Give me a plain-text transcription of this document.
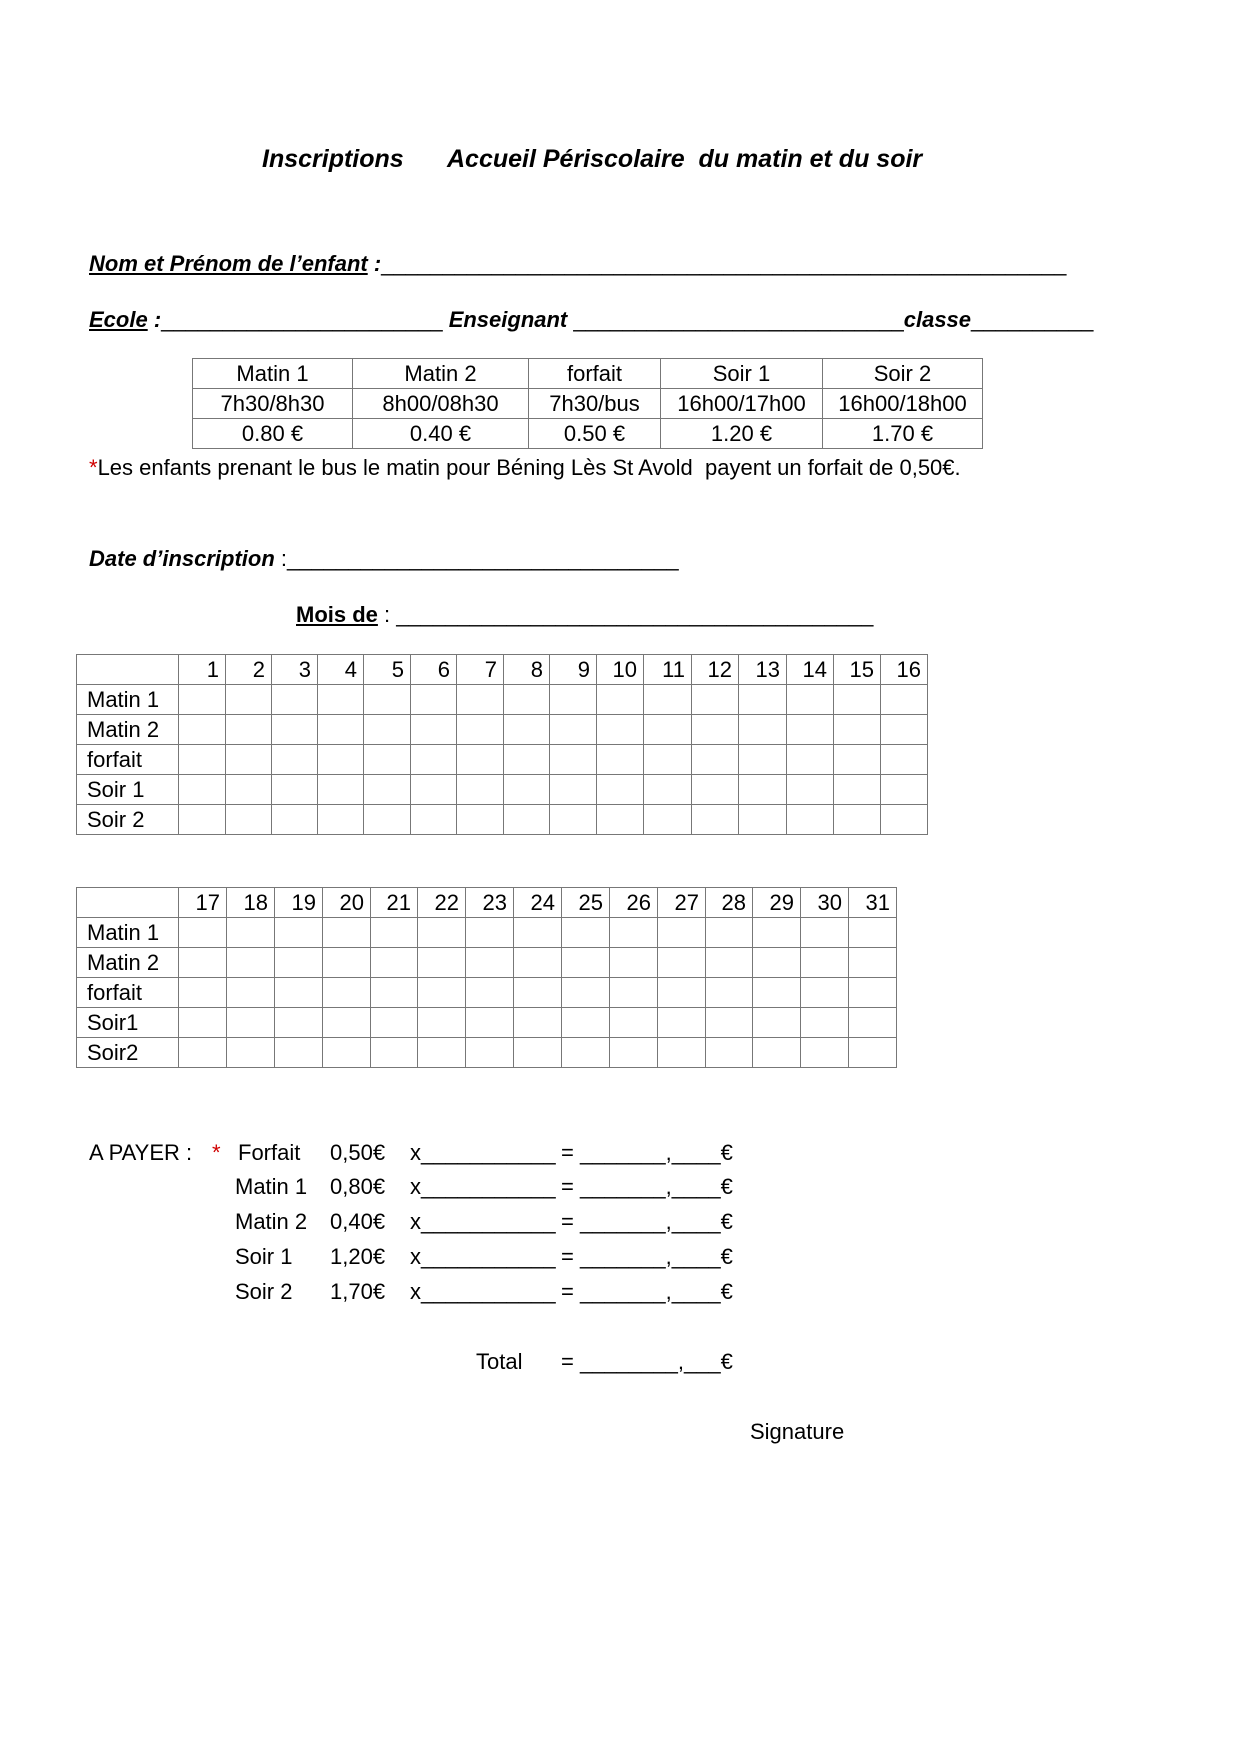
Inscriptions Accueil Périscolaire  du matin et du soir
Nom et Prénom de l’enfant :________________________________________________________
Ecole :_______________________ Enseignant ___________________________classe__________
Matin 1	Matin 2	forfait	Soir 1	Soir 2
7h30/8h30	8h00/08h30	7h30/bus	16h00/17h00	16h00/18h00
0.80 €	0.40 €	0.50 €	1.20 €	1.70 €
*Les enfants prenant le bus le matin pour Béning Lès St Avold  payent un forfait de 0,50€.
Date d’inscription :________________________________
Mois de : _______________________________________
	1	2	3	4	5	6	7	8	9	10	11	12	13	14	15	16
Matin 1																
Matin 2																
forfait																
Soir 1																
Soir 2																
	17	18	19	20	21	22	23	24	25	26	27	28	29	30	31
Matin 1															
Matin 2															
forfait															
Soir1															
Soir2															
A PAYER : * Forfait 0,50€ x___________ = _______,____€
Matin 1 0,80€ x___________ = _______,____€
Matin 2 0,40€ x___________ = _______,____€
Soir 1 1,20€ x___________ = _______,____€
Soir 2 1,70€ x___________ = _______,____€
Total = ________,___€
Signature
